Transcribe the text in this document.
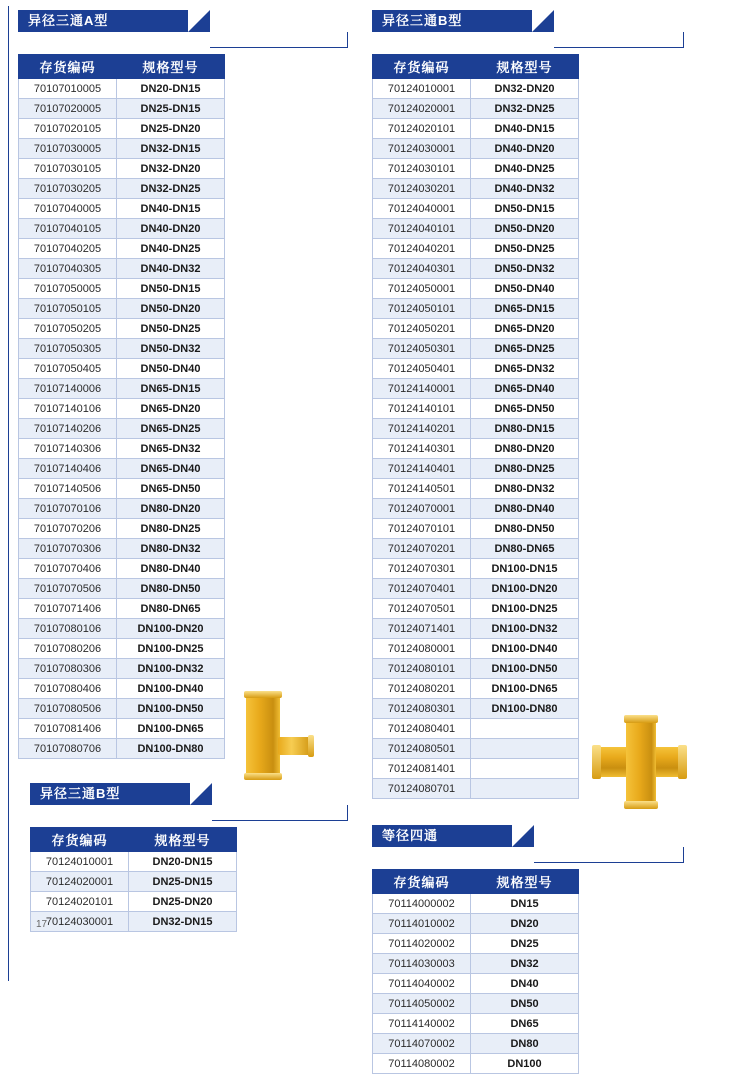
异径三通A型
存货编码	规格型号
70107010005	DN20-DN15
70107020005	DN25-DN15
70107020105	DN25-DN20
70107030005	DN32-DN15
70107030105	DN32-DN20
70107030205	DN32-DN25
70107040005	DN40-DN15
70107040105	DN40-DN20
70107040205	DN40-DN25
70107040305	DN40-DN32
70107050005	DN50-DN15
70107050105	DN50-DN20
70107050205	DN50-DN25
70107050305	DN50-DN32
70107050405	DN50-DN40
70107140006	DN65-DN15
70107140106	DN65-DN20
70107140206	DN65-DN25
70107140306	DN65-DN32
70107140406	DN65-DN40
70107140506	DN65-DN50
70107070106	DN80-DN20
70107070206	DN80-DN25
70107070306	DN80-DN32
70107070406	DN80-DN40
70107070506	DN80-DN50
70107071406	DN80-DN65
70107080106	DN100-DN20
70107080206	DN100-DN25
70107080306	DN100-DN32
70107080406	DN100-DN40
70107080506	DN100-DN50
70107081406	DN100-DN65
70107080706	DN100-DN80
异径三通B型
存货编码	规格型号
70124010001	DN20-DN15
70124020001	DN25-DN15
70124020101	DN25-DN20
70124030001	DN32-DN15
17
异径三通B型
存货编码	规格型号
70124010001	DN32-DN20
70124020001	DN32-DN25
70124020101	DN40-DN15
70124030001	DN40-DN20
70124030101	DN40-DN25
70124030201	DN40-DN32
70124040001	DN50-DN15
70124040101	DN50-DN20
70124040201	DN50-DN25
70124040301	DN50-DN32
70124050001	DN50-DN40
70124050101	DN65-DN15
70124050201	DN65-DN20
70124050301	DN65-DN25
70124050401	DN65-DN32
70124140001	DN65-DN40
70124140101	DN65-DN50
70124140201	DN80-DN15
70124140301	DN80-DN20
70124140401	DN80-DN25
70124140501	DN80-DN32
70124070001	DN80-DN40
70124070101	DN80-DN50
70124070201	DN80-DN65
70124070301	DN100-DN15
70124070401	DN100-DN20
70124070501	DN100-DN25
70124071401	DN100-DN32
70124080001	DN100-DN40
70124080101	DN100-DN50
70124080201	DN100-DN65
70124080301	DN100-DN80
70124080401	
70124080501	
70124081401	
70124080701	
等径四通
存货编码	规格型号
70114000002	DN15
70114010002	DN20
70114020002	DN25
70114030003	DN32
70114040002	DN40
70114050002	DN50
70114140002	DN65
70114070002	DN80
70114080002	DN100
